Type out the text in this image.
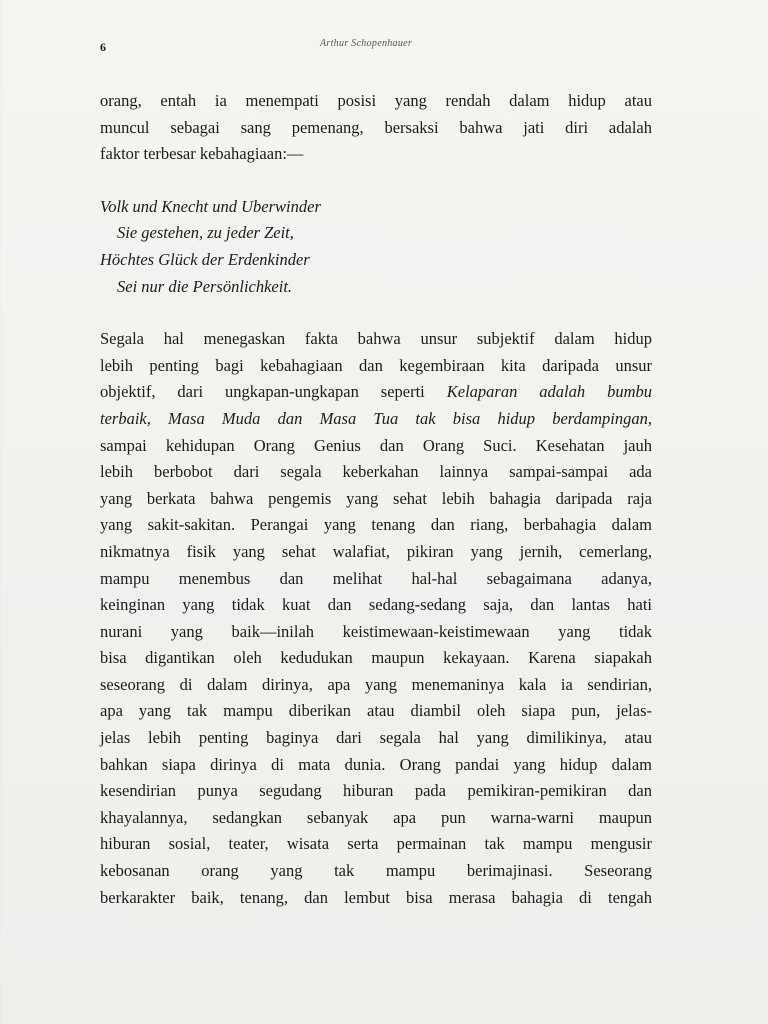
6	Arthur Schopenhauer
orang, entah ia menempati posisi yang rendah dalam hidup atau
muncul sebagai sang pemenang, bersaksi bahwa jati diri adalah
faktor terbesar kebahagiaan:—
Volk und Knecht und Uberwinder
Sie gestehen, zu jeder Zeit,
Höchtes Glück der Erdenkinder
Sei nur die Persönlichkeit.
Segala hal menegaskan fakta bahwa unsur subjektif dalam hidup
lebih penting bagi kebahagiaan dan kegembiraan kita daripada unsur
objektif, dari ungkapan-ungkapan seperti Kelaparan adalah bumbu
terbaik, Masa Muda dan Masa Tua tak bisa hidup berdampingan,
sampai kehidupan Orang Genius dan Orang Suci. Kesehatan jauh
lebih berbobot dari segala keberkahan lainnya sampai-sampai ada
yang berkata bahwa pengemis yang sehat lebih bahagia daripada raja
yang sakit-sakitan. Perangai yang tenang dan riang, berbahagia dalam
nikmatnya fisik yang sehat walafiat, pikiran yang jernih, cemerlang,
mampu menembus dan melihat hal-hal sebagaimana adanya,
keinginan yang tidak kuat dan sedang-sedang saja, dan lantas hati
nurani yang baik—inilah keistimewaan-keistimewaan yang tidak
bisa digantikan oleh kedudukan maupun kekayaan. Karena siapakah
seseorang di dalam dirinya, apa yang menemaninya kala ia sendirian,
apa yang tak mampu diberikan atau diambil oleh siapa pun, jelas-
jelas lebih penting baginya dari segala hal yang dimilikinya, atau
bahkan siapa dirinya di mata dunia. Orang pandai yang hidup dalam
kesendirian punya segudang hiburan pada pemikiran-pemikiran dan
khayalannya, sedangkan sebanyak apa pun warna-warni maupun
hiburan sosial, teater, wisata serta permainan tak mampu mengusir
kebosanan orang yang tak mampu berimajinasi. Seseorang
berkarakter baik, tenang, dan lembut bisa merasa bahagia di tengah
